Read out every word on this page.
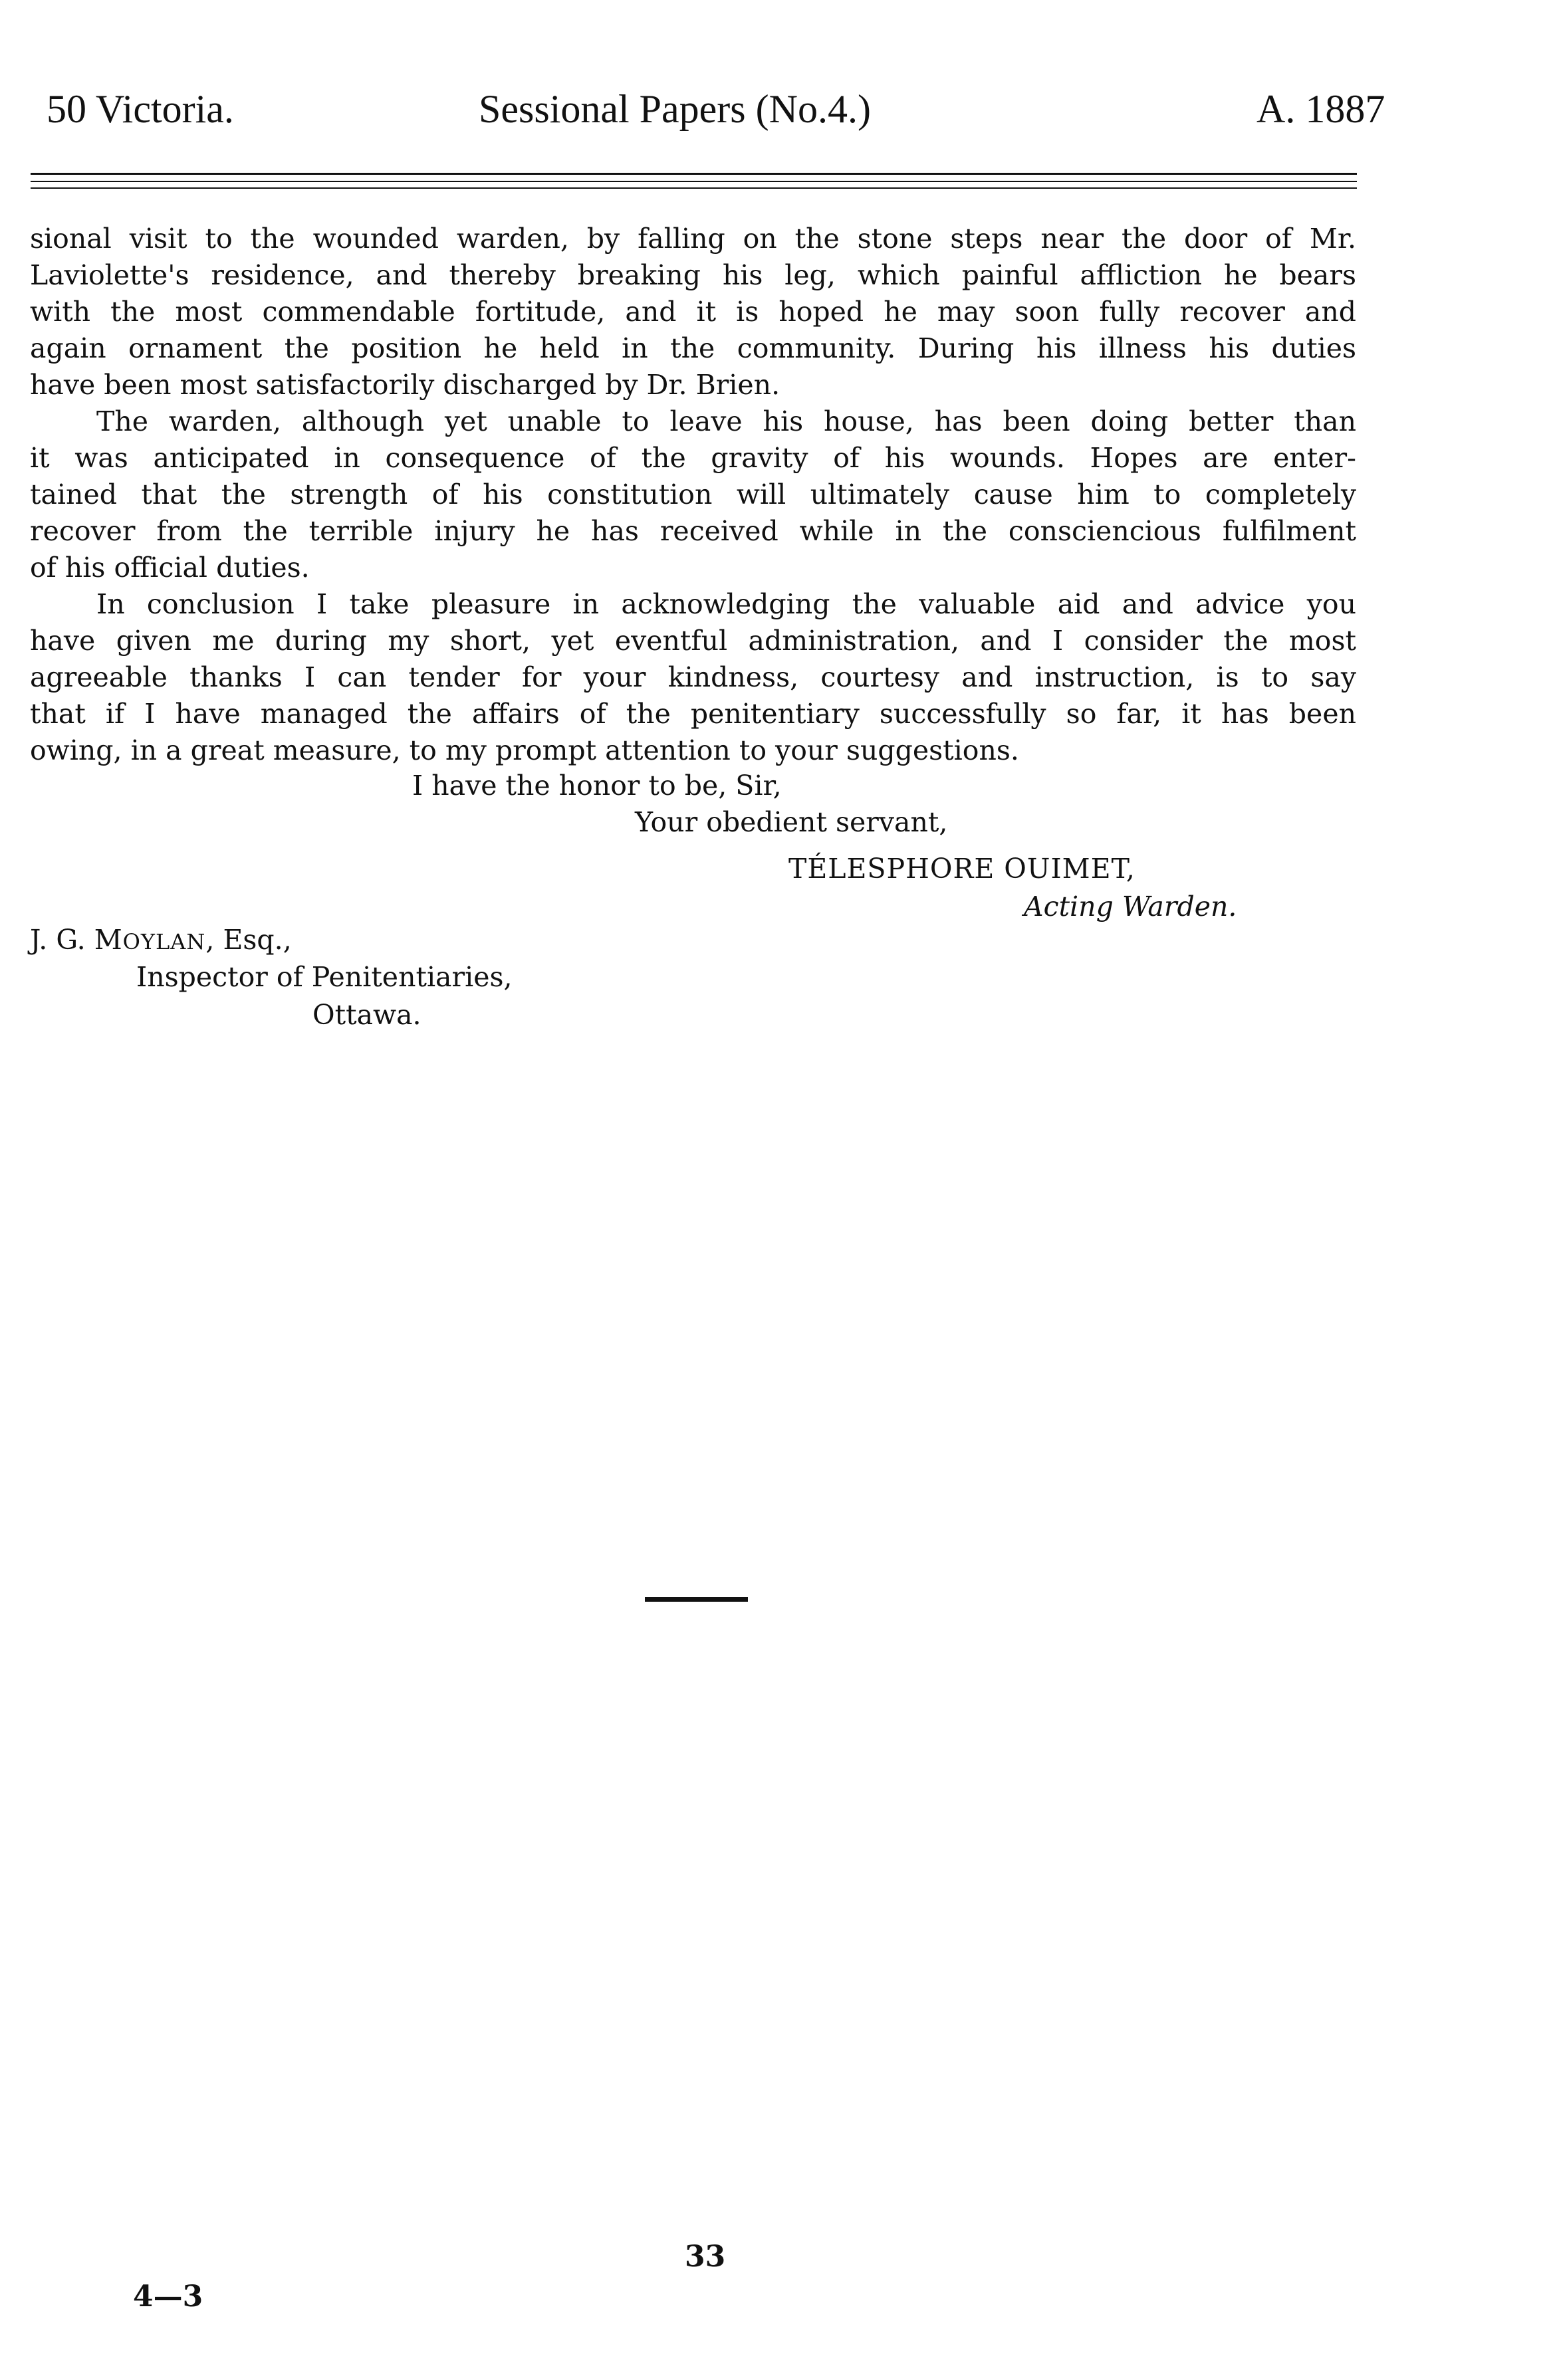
50 Victoria.	Sessional Papers (No.4.)	A. 1887
sional visit to the wounded warden, by falling on the stone steps near the door of Mr.
Laviolette's residence, and thereby breaking his leg, which painful affliction he bears
with the most commendable fortitude, and it is hoped he may soon fully recover and
again ornament the position he held in the community. During his illness his duties
have been most satisfactorily discharged by Dr. Brien.
The warden, although yet unable to leave his house, has been doing better than
it was anticipated in consequence of the gravity of his wounds. Hopes are enter-
tained that the strength of his constitution will ultimately cause him to completely
recover from the terrible injury he has received while in the consciencious fulfilment
of his official duties.
In conclusion I take pleasure in acknowledging the valuable aid and advice you
have given me during my short, yet eventful administration, and I consider the most
agreeable thanks I can tender for your kindness, courtesy and instruction, is to say
that if I have managed the affairs of the penitentiary successfully so far, it has been
owing, in a great measure, to my prompt attention to your suggestions.
I have the honor to be, Sir,
Your obedient servant,
TÉLESPHORE OUIMET,
Acting Warden.
J. G. MOYLAN, Esq.,
Inspector of Penitentiaries,
Ottawa.
33
4—3
